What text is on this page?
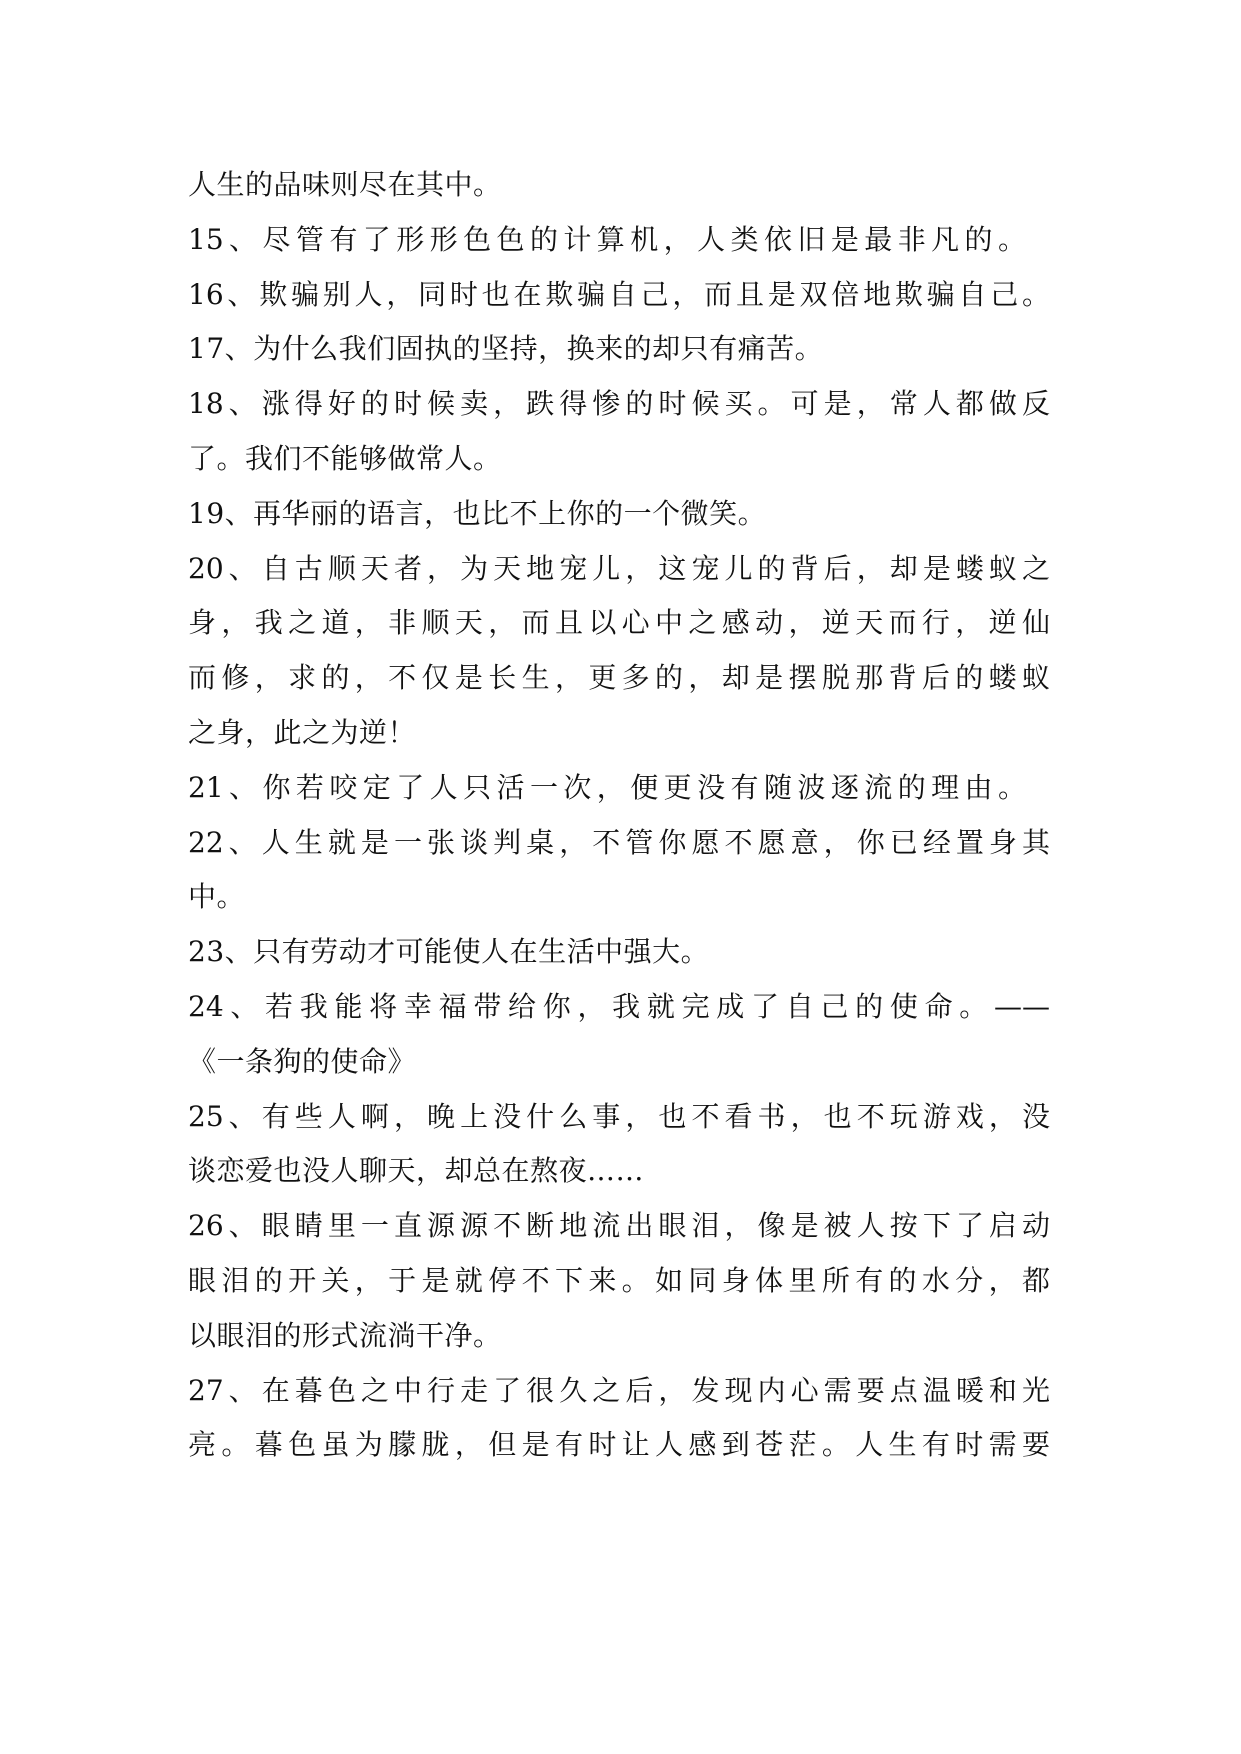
人生的品味则尽在其中。
15、尽管有了形形色色的计算机，人类依旧是最非凡的。
16、欺骗别人，同时也在欺骗自己，而且是双倍地欺骗自己。
17、为什么我们固执的坚持，换来的却只有痛苦。
18、涨得好的时候卖，跌得惨的时候买。可是，常人都做反
了。我们不能够做常人。
19、再华丽的语言，也比不上你的一个微笑。
20、自古顺天者，为天地宠儿，这宠儿的背后，却是蝼蚁之
身，我之道，非顺天，而且以心中之感动，逆天而行，逆仙
而修，求的，不仅是长生，更多的，却是摆脱那背后的蝼蚁
之身，此之为逆！
21、你若咬定了人只活一次，便更没有随波逐流的理由。
22、人生就是一张谈判桌，不管你愿不愿意，你已经置身其
中。
23、只有劳动才可能使人在生活中强大。
24、若我能将幸福带给你，我就完成了自己的使命。——
《一条狗的使命》
25、有些人啊，晚上没什么事，也不看书，也不玩游戏，没
谈恋爱也没人聊天，却总在熬夜……
26、眼睛里一直源源不断地流出眼泪，像是被人按下了启动
眼泪的开关，于是就停不下来。如同身体里所有的水分，都
以眼泪的形式流淌干净。
27、在暮色之中行走了很久之后，发现内心需要点温暖和光
亮。暮色虽为朦胧，但是有时让人感到苍茫。人生有时需要
